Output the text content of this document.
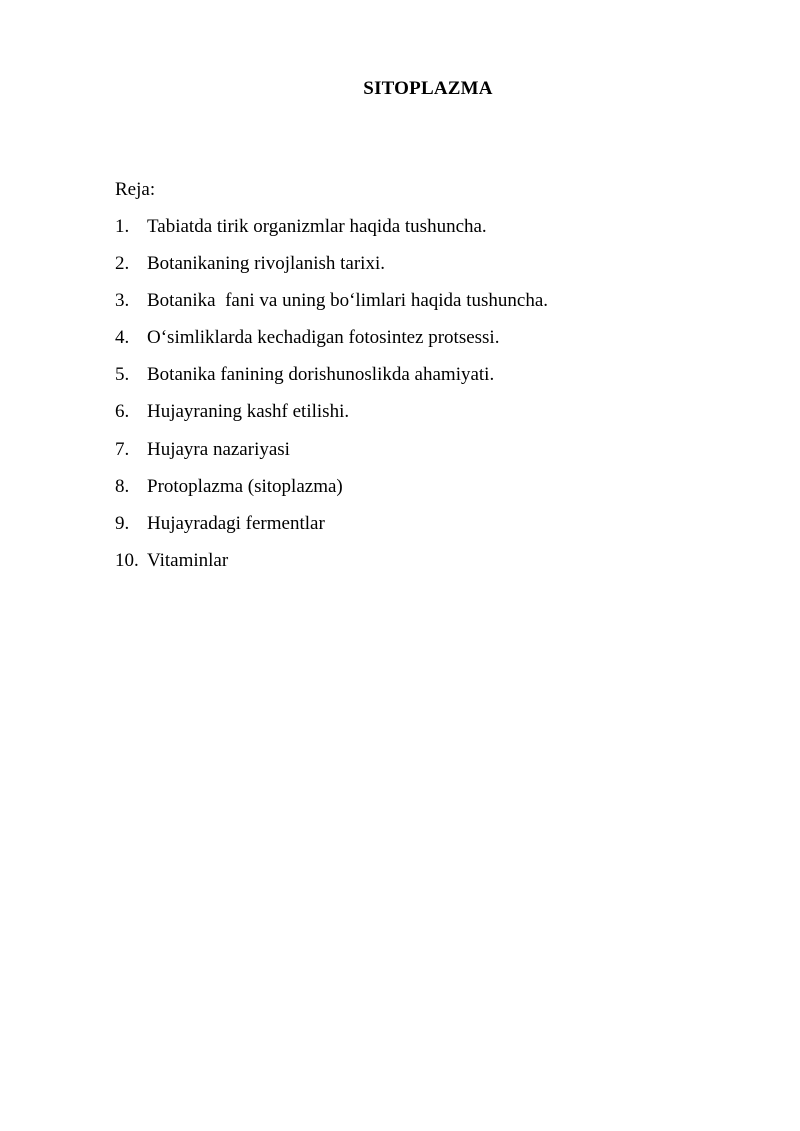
SITOPLAZMA
Reja:
1. Tabiatda tirik organizmlar haqida tushuncha.
2. Botanikaning rivojlanish tarixi.
3. Botanika  fani va uning bo‘limlari haqida tushuncha.
4. O‘simliklarda kechadigan fotosintez protsessi.
5. Botanika fanining dorishunoslikda ahamiyati.
6. Hujayraning kashf etilishi.
7. Hujayra nazariyasi
8. Protoplazma (sitoplazma)
9. Hujayradagi fermentlar
10. Vitaminlar
